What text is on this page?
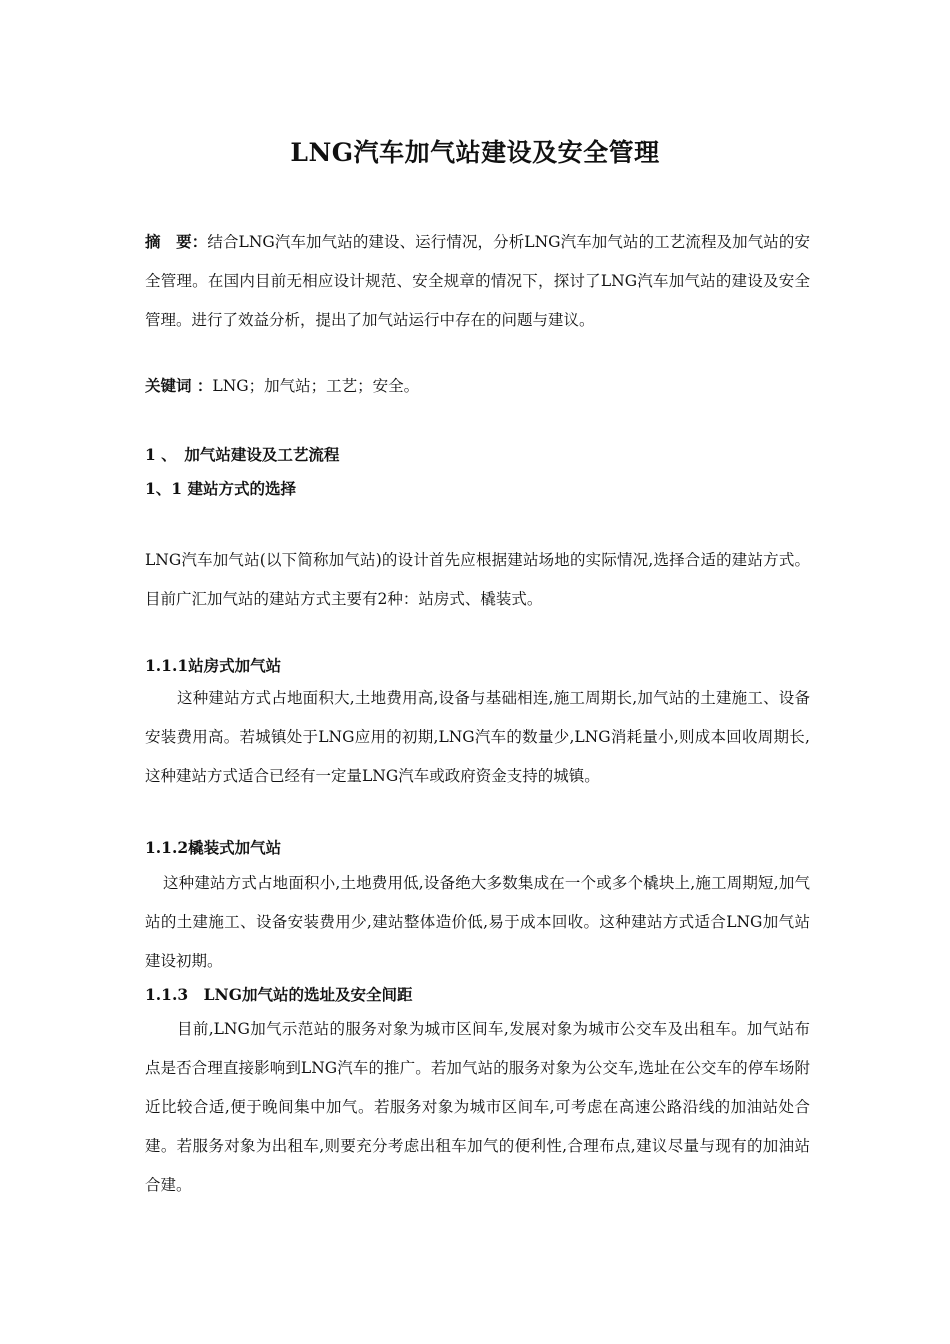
LNG汽车加气站建设及安全管理
摘　要：结合LNG汽车加气站的建设、运行情况，分析LNG汽车加气站的工艺流程及加气站的安全管理。在国内目前无相应设计规范、安全规章的情况下，探讨了LNG汽车加气站的建设及安全管理。进行了效益分析，提出了加气站运行中存在的问题与建议。
关键词 ：LNG；加气站；工艺；安全。
1 、　加气站建设及工艺流程
1、1 建站方式的选择
LNG汽车加气站(以下简称加气站)的设计首先应根据建站场地的实际情况,选择合适的建站方式。目前广汇加气站的建站方式主要有2种：站房式、橇装式。
1.1.1站房式加气站
这种建站方式占地面积大,土地费用高,设备与基础相连,施工周期长,加气站的土建施工、设备安装费用高。若城镇处于LNG应用的初期,LNG汽车的数量少,LNG消耗量小,则成本回收周期长,这种建站方式适合已经有一定量LNG汽车或政府资金支持的城镇。
1.1.2橇装式加气站
这种建站方式占地面积小,土地费用低,设备绝大多数集成在一个或多个橇块上,施工周期短,加气站的土建施工、设备安装费用少,建站整体造价低,易于成本回收。这种建站方式适合LNG加气站建设初期。
1.1.3　LNG加气站的选址及安全间距
目前,LNG加气示范站的服务对象为城市区间车,发展对象为城市公交车及出租车。加气站布点是否合理直接影响到LNG汽车的推广。若加气站的服务对象为公交车,选址在公交车的停车场附近比较合适,便于晚间集中加气。若服务对象为城市区间车,可考虑在高速公路沿线的加油站处合建。若服务对象为出租车,则要充分考虑出租车加气的便利性,合理布点,建议尽量与现有的加油站合建。
